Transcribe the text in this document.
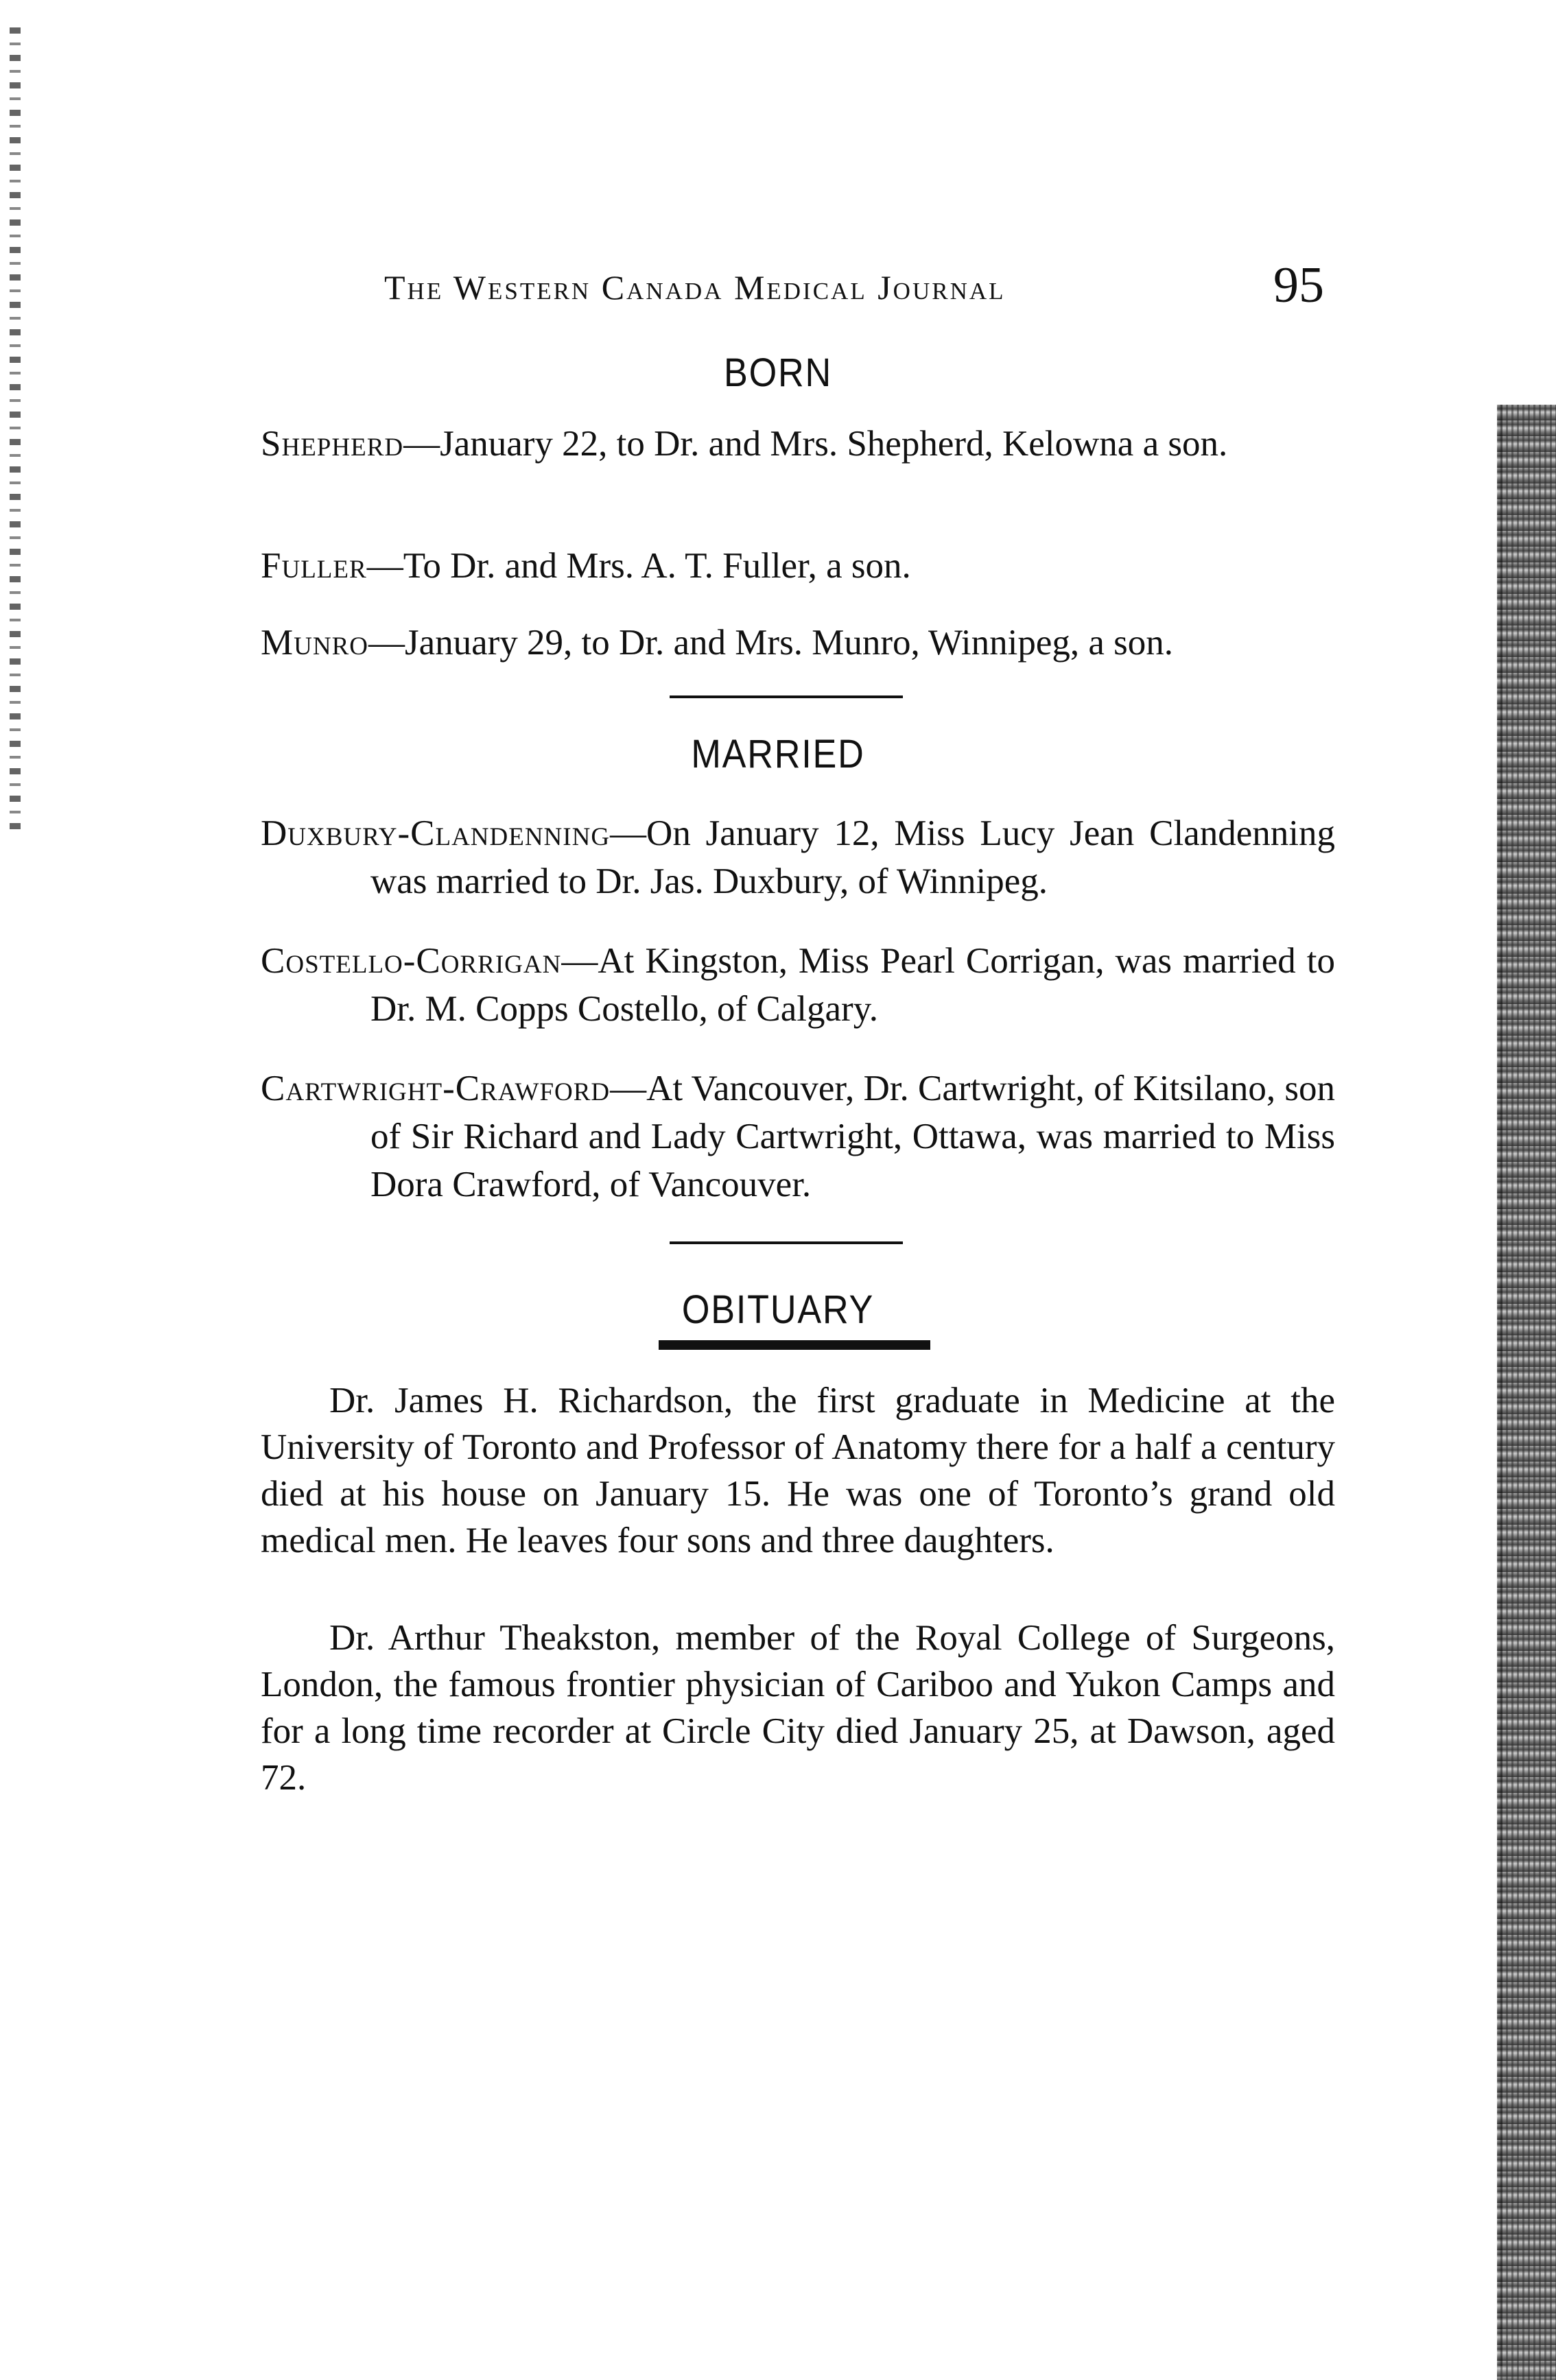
The Western Canada Medical Journal	95
BORN
Shepherd—January 22, to Dr. and Mrs. Shepherd, Kelowna a son.
Fuller—To Dr. and Mrs. A. T. Fuller, a son.
Munro—January 29, to Dr. and Mrs. Munro, Winnipeg, a son.
MARRIED
Duxbury-Clandenning—On January 12, Miss Lucy Jean Clandenning was married to Dr. Jas. Duxbury, of Winnipeg.
Costello-Corrigan—At Kingston, Miss Pearl Corrigan, was married to Dr. M. Copps Costello, of Calgary.
Cartwright-Crawford—At Vancouver, Dr. Cartwright, of Kitsilano, son of Sir Richard and Lady Cartwright, Ottawa, was married to Miss Dora Crawford, of Vancouver.
OBITUARY
Dr. James H. Richardson, the first graduate in Medicine at the University of Toronto and Professor of Anatomy there for a half a century died at his house on January 15. He was one of Toronto’s grand old medical men. He leaves four sons and three daughters.
Dr. Arthur Theakston, member of the Royal College of Surgeons, London, the famous frontier physician of Cariboo and Yukon Camps and for a long time recorder at Circle City died January 25, at Dawson, aged 72.
